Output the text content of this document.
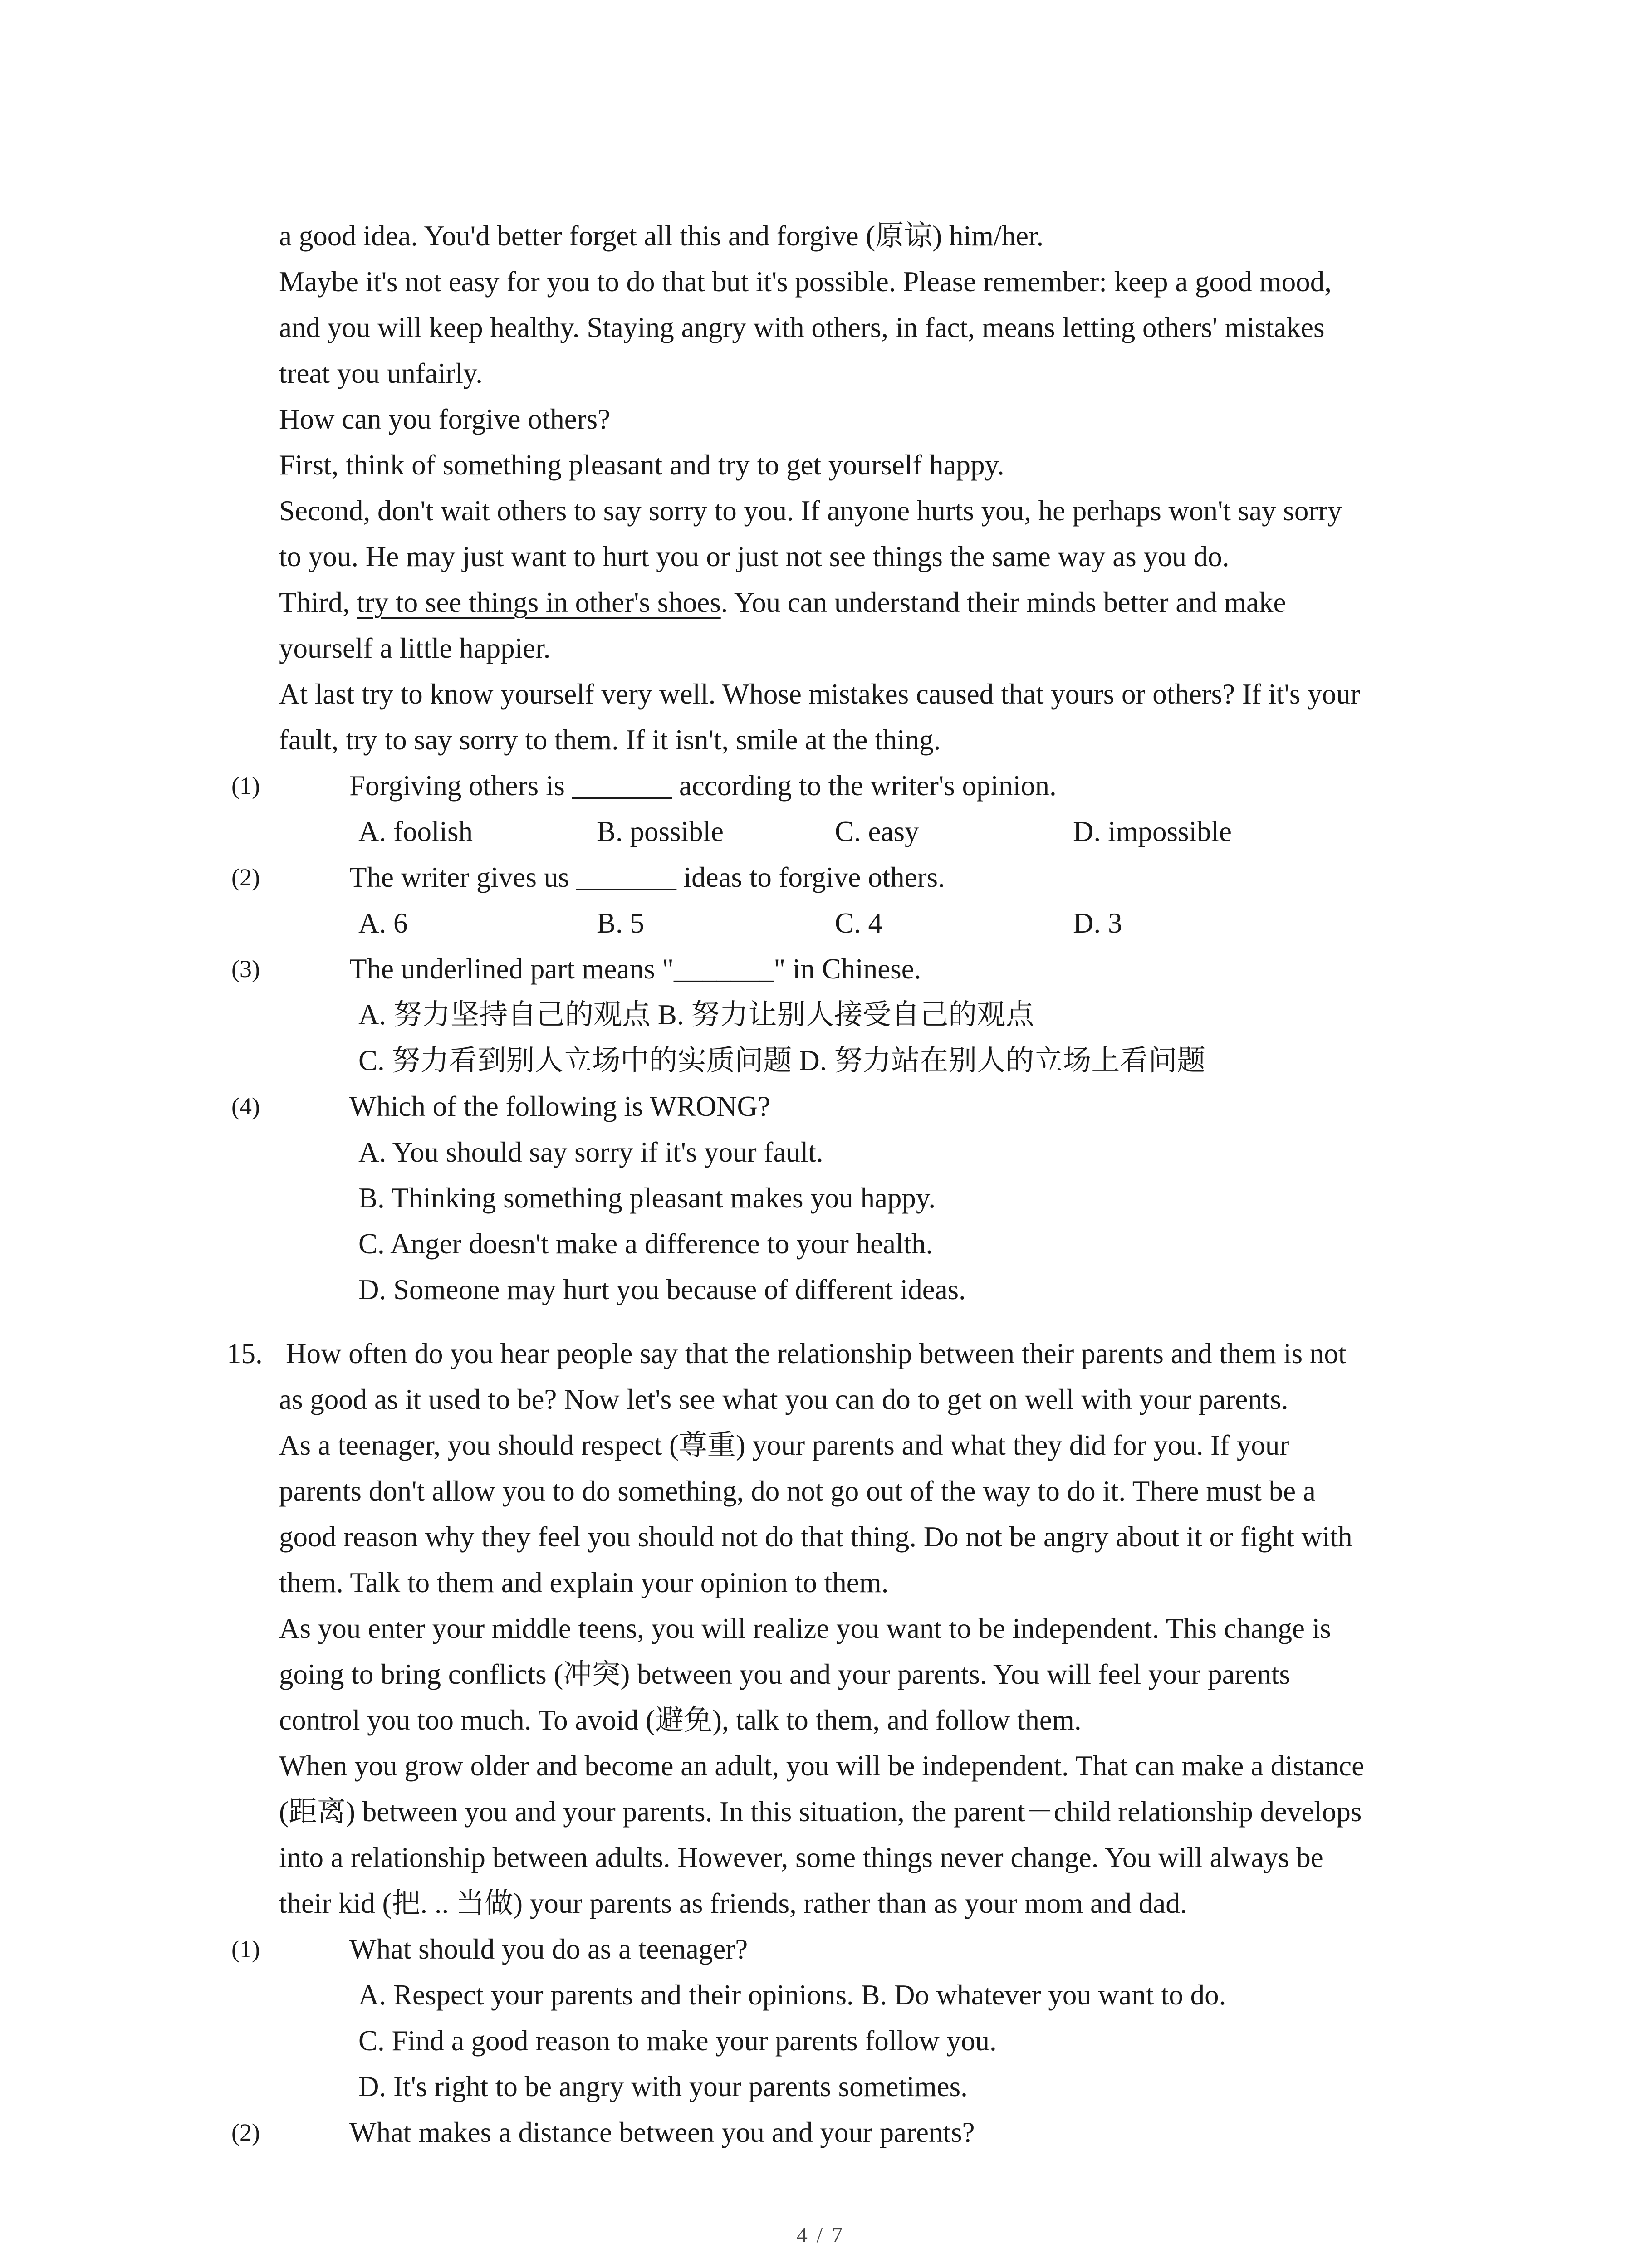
a good idea. You'd better forget all this and forgive (原谅) him/her.
Maybe it's not easy for you to do that but it's possible. Please remember: keep a good mood,
and you will keep healthy. Staying angry with others, in fact, means letting others' mistakes
treat you unfairly.
How can you forgive others?
First, think of something pleasant and try to get yourself happy.
Second, don't wait others to say sorry to you. If anyone hurts you, he perhaps won't say sorry
to you. He may just want to hurt you or just not see things the same way as you do.
Third, try to see things in other's shoes. You can understand their minds better and make
yourself a little happier.
At last try to know yourself very well. Whose mistakes caused that yours or others? If it's your
fault, try to say sorry to them. If it isn't, smile at the thing.
(1)	Forgiving others is _______ according to the writer's opinion.
A. foolish	B. possible	C. easy	D. impossible
(2)	The writer gives us _______ ideas to forgive others.
A. 6	B. 5	C. 4	D. 3
(3)	The underlined part means "_______" in Chinese.
A. 努力坚持自己的观点 B. 努力让别人接受自己的观点
C. 努力看到别人立场中的实质问题 D. 努力站在别人的立场上看问题
(4)	Which of the following is WRONG?
A. You should say sorry if it's your fault.
B. Thinking something pleasant makes you happy.
C. Anger doesn't make a difference to your health.
D. Someone may hurt you because of different ideas.
15. How often do you hear people say that the relationship between their parents and them is not
as good as it used to be? Now let's see what you can do to get on well with your parents.
As a teenager, you should respect (尊重) your parents and what they did for you. If your
parents don't allow you to do something, do not go out of the way to do it. There must be a
good reason why they feel you should not do that thing. Do not be angry about it or fight with
them. Talk to them and explain your opinion to them.
As you enter your middle teens, you will realize you want to be independent. This change is
going to bring conflicts (冲突) between you and your parents. You will feel your parents
control you too much. To avoid (避免), talk to them, and follow them.
When you grow older and become an adult, you will be independent. That can make a distance
(距离) between you and your parents. In this situation, the parent－child relationship develops
into a relationship between adults. However, some things never change. You will always be
their kid (把. .. 当做) your parents as friends, rather than as your mom and dad.
(1)	What should you do as a teenager?
A. Respect your parents and their opinions. B. Do whatever you want to do.
C. Find a good reason to make your parents follow you.
D. It's right to be angry with your parents sometimes.
(2)	What makes a distance between you and your parents?
4 / 7
